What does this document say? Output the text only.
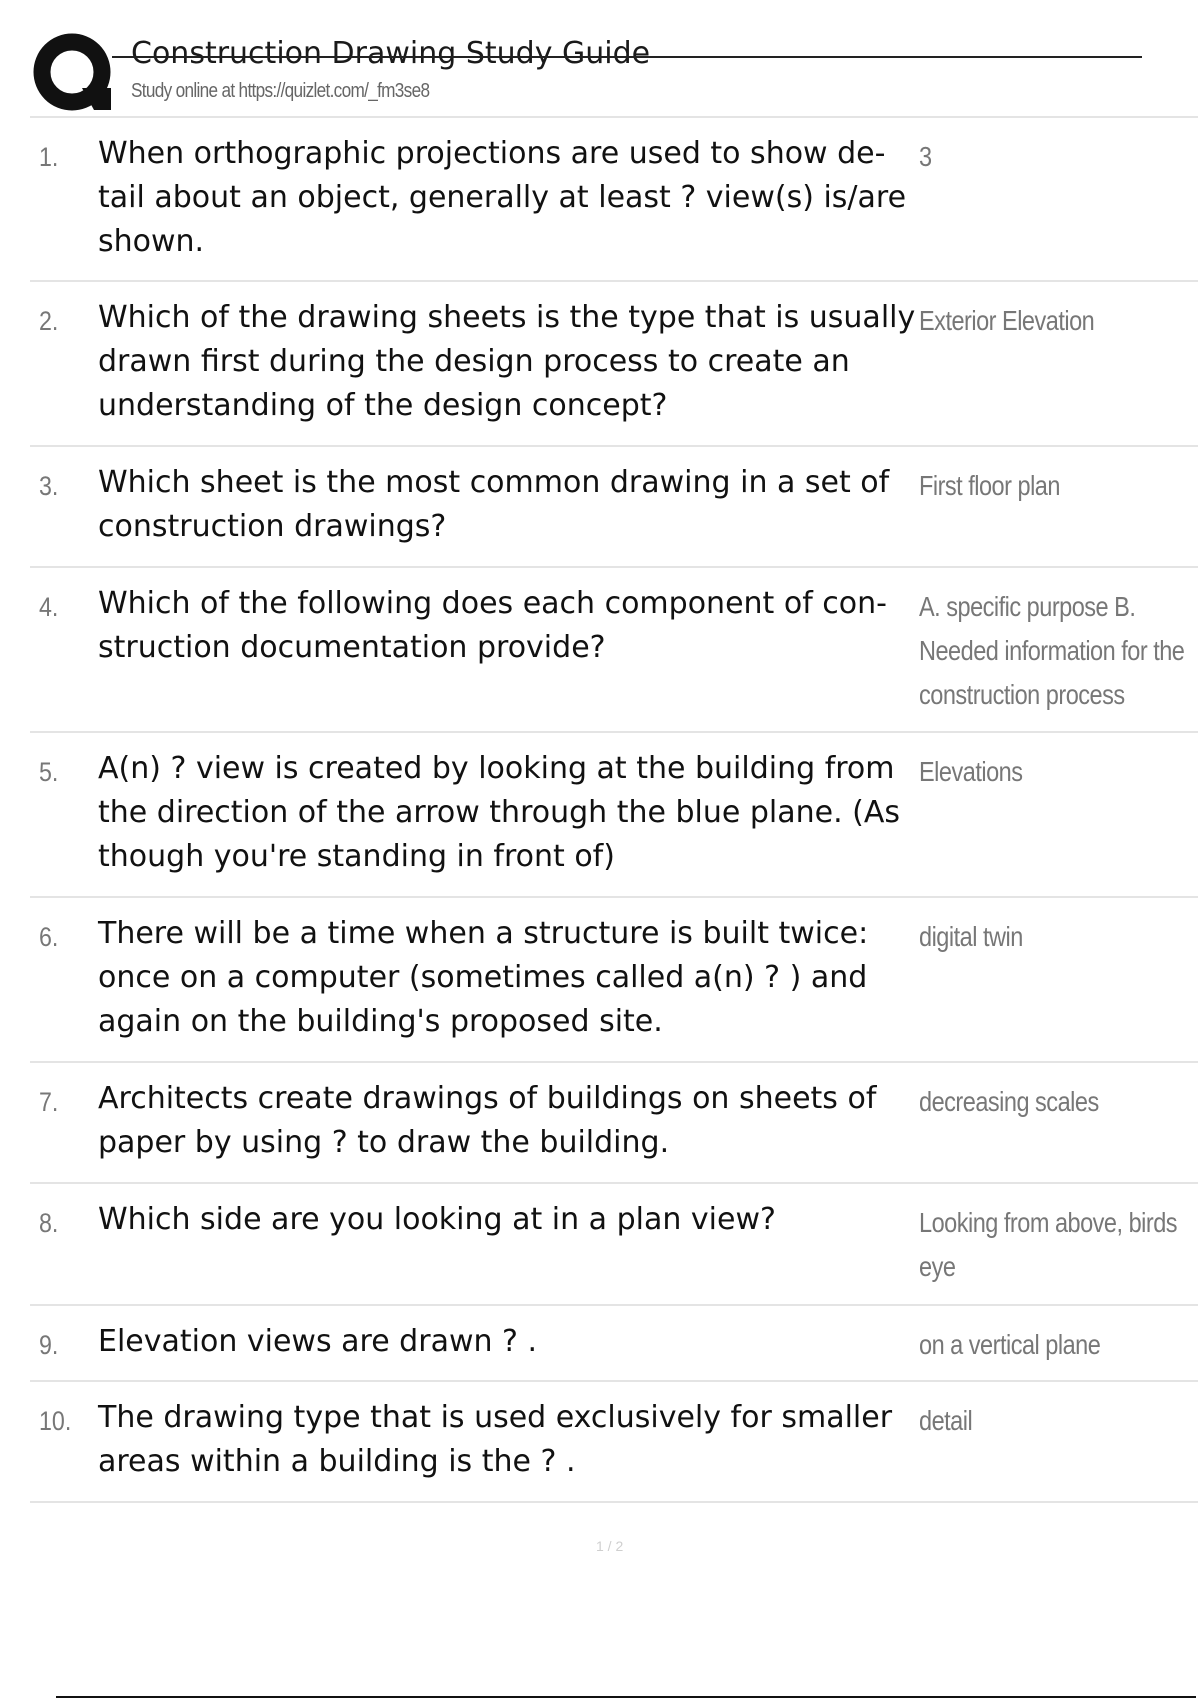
Construction Drawing Study Guide
Study online at https://quizlet.com/_fm3se8
1. When orthographic projections are used to show de- tail about an object, generally at least ? view(s) is/are shown.
3
2. Which of the drawing sheets is the type that is usually drawn first during the design process to create an understanding of the design concept?
Exterior Elevation
3. Which sheet is the most common drawing in a set of construction drawings?
First floor plan
4. Which of the following does each component of con- struction documentation provide?
A. specific purpose B. Needed information for the construction process
5. A(n) ? view is created by looking at the building from the direction of the arrow through the blue plane. (As though you're standing in front of)
Elevations
6. There will be a time when a structure is built twice: once on a computer (sometimes called a(n) ? ) and again on the building's proposed site.
digital twin
7. Architects create drawings of buildings on sheets of paper by using ? to draw the building.
decreasing scales
8. Which side are you looking at in a plan view?	Looking from above, birds eye
9. Elevation views are drawn ? .	on a vertical plane
10. The drawing type that is used exclusively for smaller areas within a building is the ? .
detail
1 / 2
